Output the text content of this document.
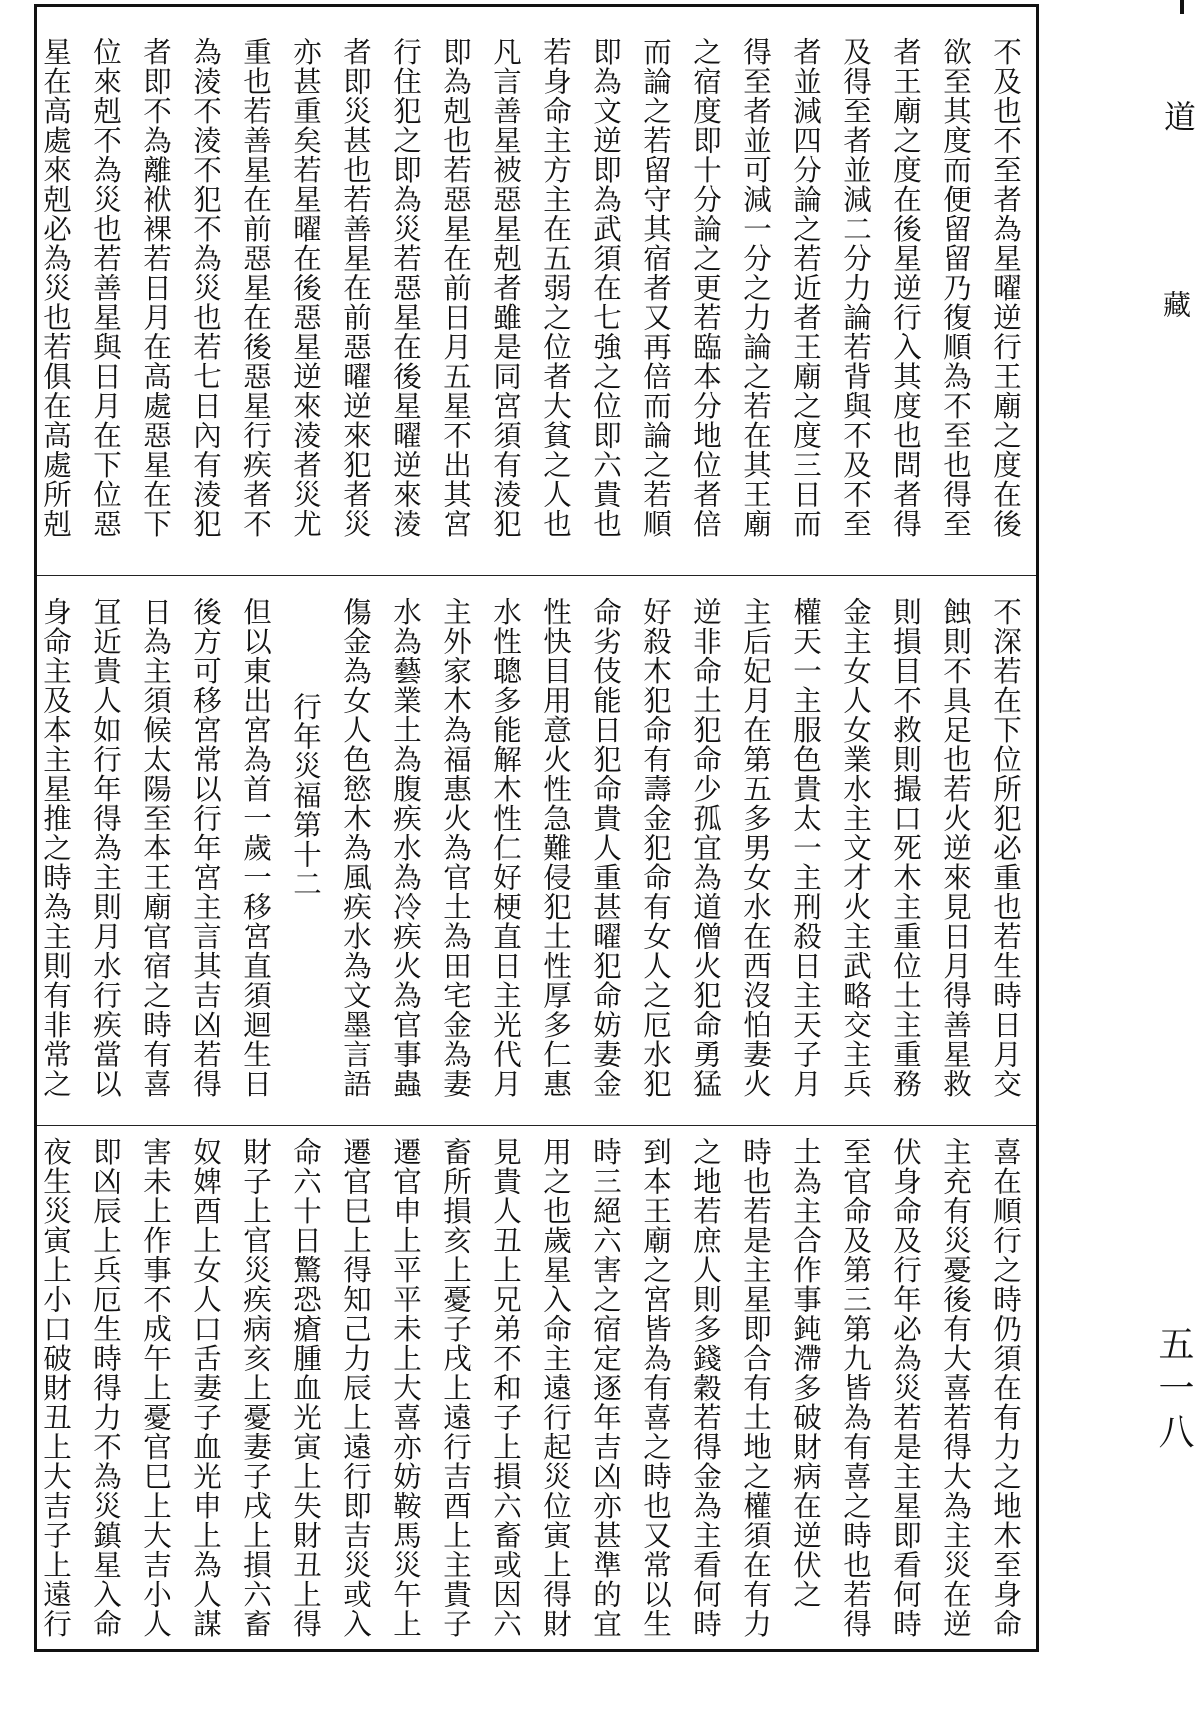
不及也不至者為星曜逆行王廟之度在後
欲至其度而便留留乃復順為不至也得至
者王廟之度在後星逆行入其度也問者得
及得至者並減二分力論若背與不及不至
者並減四分論之若近者王廟之度三日而
得至者並可減一分之力論之若在其王廟
之宿度即十分論之更若臨本分地位者倍
而論之若留守其宿者又再倍而論之若順
即為文逆即為武須在七強之位即六貴也
若身命主方主在五弱之位者大貧之人也
凡言善星被惡星剋者雖是同宮須有淩犯
即為剋也若惡星在前日月五星不出其宮
行住犯之即為災若惡星在後星曜逆來淩
者即災甚也若善星在前惡曜逆來犯者災
亦甚重矣若星曜在後惡星逆來淩者災尤
重也若善星在前惡星在後惡星行疾者不
為淩不淩不犯不為災也若七日內有淩犯
者即不為離袱裸若日月在高處惡星在下
位來剋不為災也若善星與日月在下位惡
星在高處來剋必為災也若俱在高處所剋
不深若在下位所犯必重也若生時日月交
蝕則不具足也若火逆來見日月得善星救
則損目不救則撮口死木主重位土主重務
金主女人女業水主文才火主武略交主兵
權天一主服色貴太一主刑殺日主天子月
主后妃月在第五多男女水在西沒怕妻火
逆非命土犯命少孤宜為道僧火犯命勇猛
好殺木犯命有壽金犯命有女人之厄水犯
命劣伎能日犯命貴人重甚曜犯命妨妻金
性快目用意火性急難侵犯土性厚多仁惠
水性聰多能解木性仁好梗直日主光代月
主外家木為福惠火為官土為田宅金為妻
水為藝業土為腹疾水為冷疾火為官事蟲
傷金為女人色慾木為風疾水為文墨言語
行年災福第十二
但以東出宮為首一歲一移宮直須迴生日
後方可移宮常以行年宮主言其吉凶若得
日為主須候太陽至本王廟官宿之時有喜
冝近貴人如行年得為主則月水行疾當以
身命主及本主星推之時為主則有非常之
喜在順行之時仍須在有力之地木至身命
主充有災憂後有大喜若得大為主災在逆
伏身命及行年必為災若是主星即看何時
至官命及第三第九皆為有喜之時也若得
土為主合作事鈍滯多破財病在逆伏之
時也若是主星即合有土地之權須在有力
之地若庶人則多錢穀若得金為主看何時
到本王廟之宮皆為有喜之時也又常以生
時三絕六害之宿定逐年吉凶亦甚準的宜
用之也歲星入命主遠行起災位寅上得財
見貴人丑上兄弟不和子上損六畜或因六
畜所損亥上憂子戌上遠行吉酉上主貴子
遷官申上平平未上大喜亦妨鞍馬災午上
遷官巳上得知己力辰上遠行即吉災或入
命六十日驚恐瘡腫血光寅上失財丑上得
財子上官災疾病亥上憂妻子戌上損六畜
奴婢酉上女人口舌妻子血光申上為人謀
害未上作事不成午上憂官巳上大吉小人
即凶辰上兵厄生時得力不為災鎮星入命
夜生災寅上小口破財丑上大吉子上遠行
道
藏
五一八
